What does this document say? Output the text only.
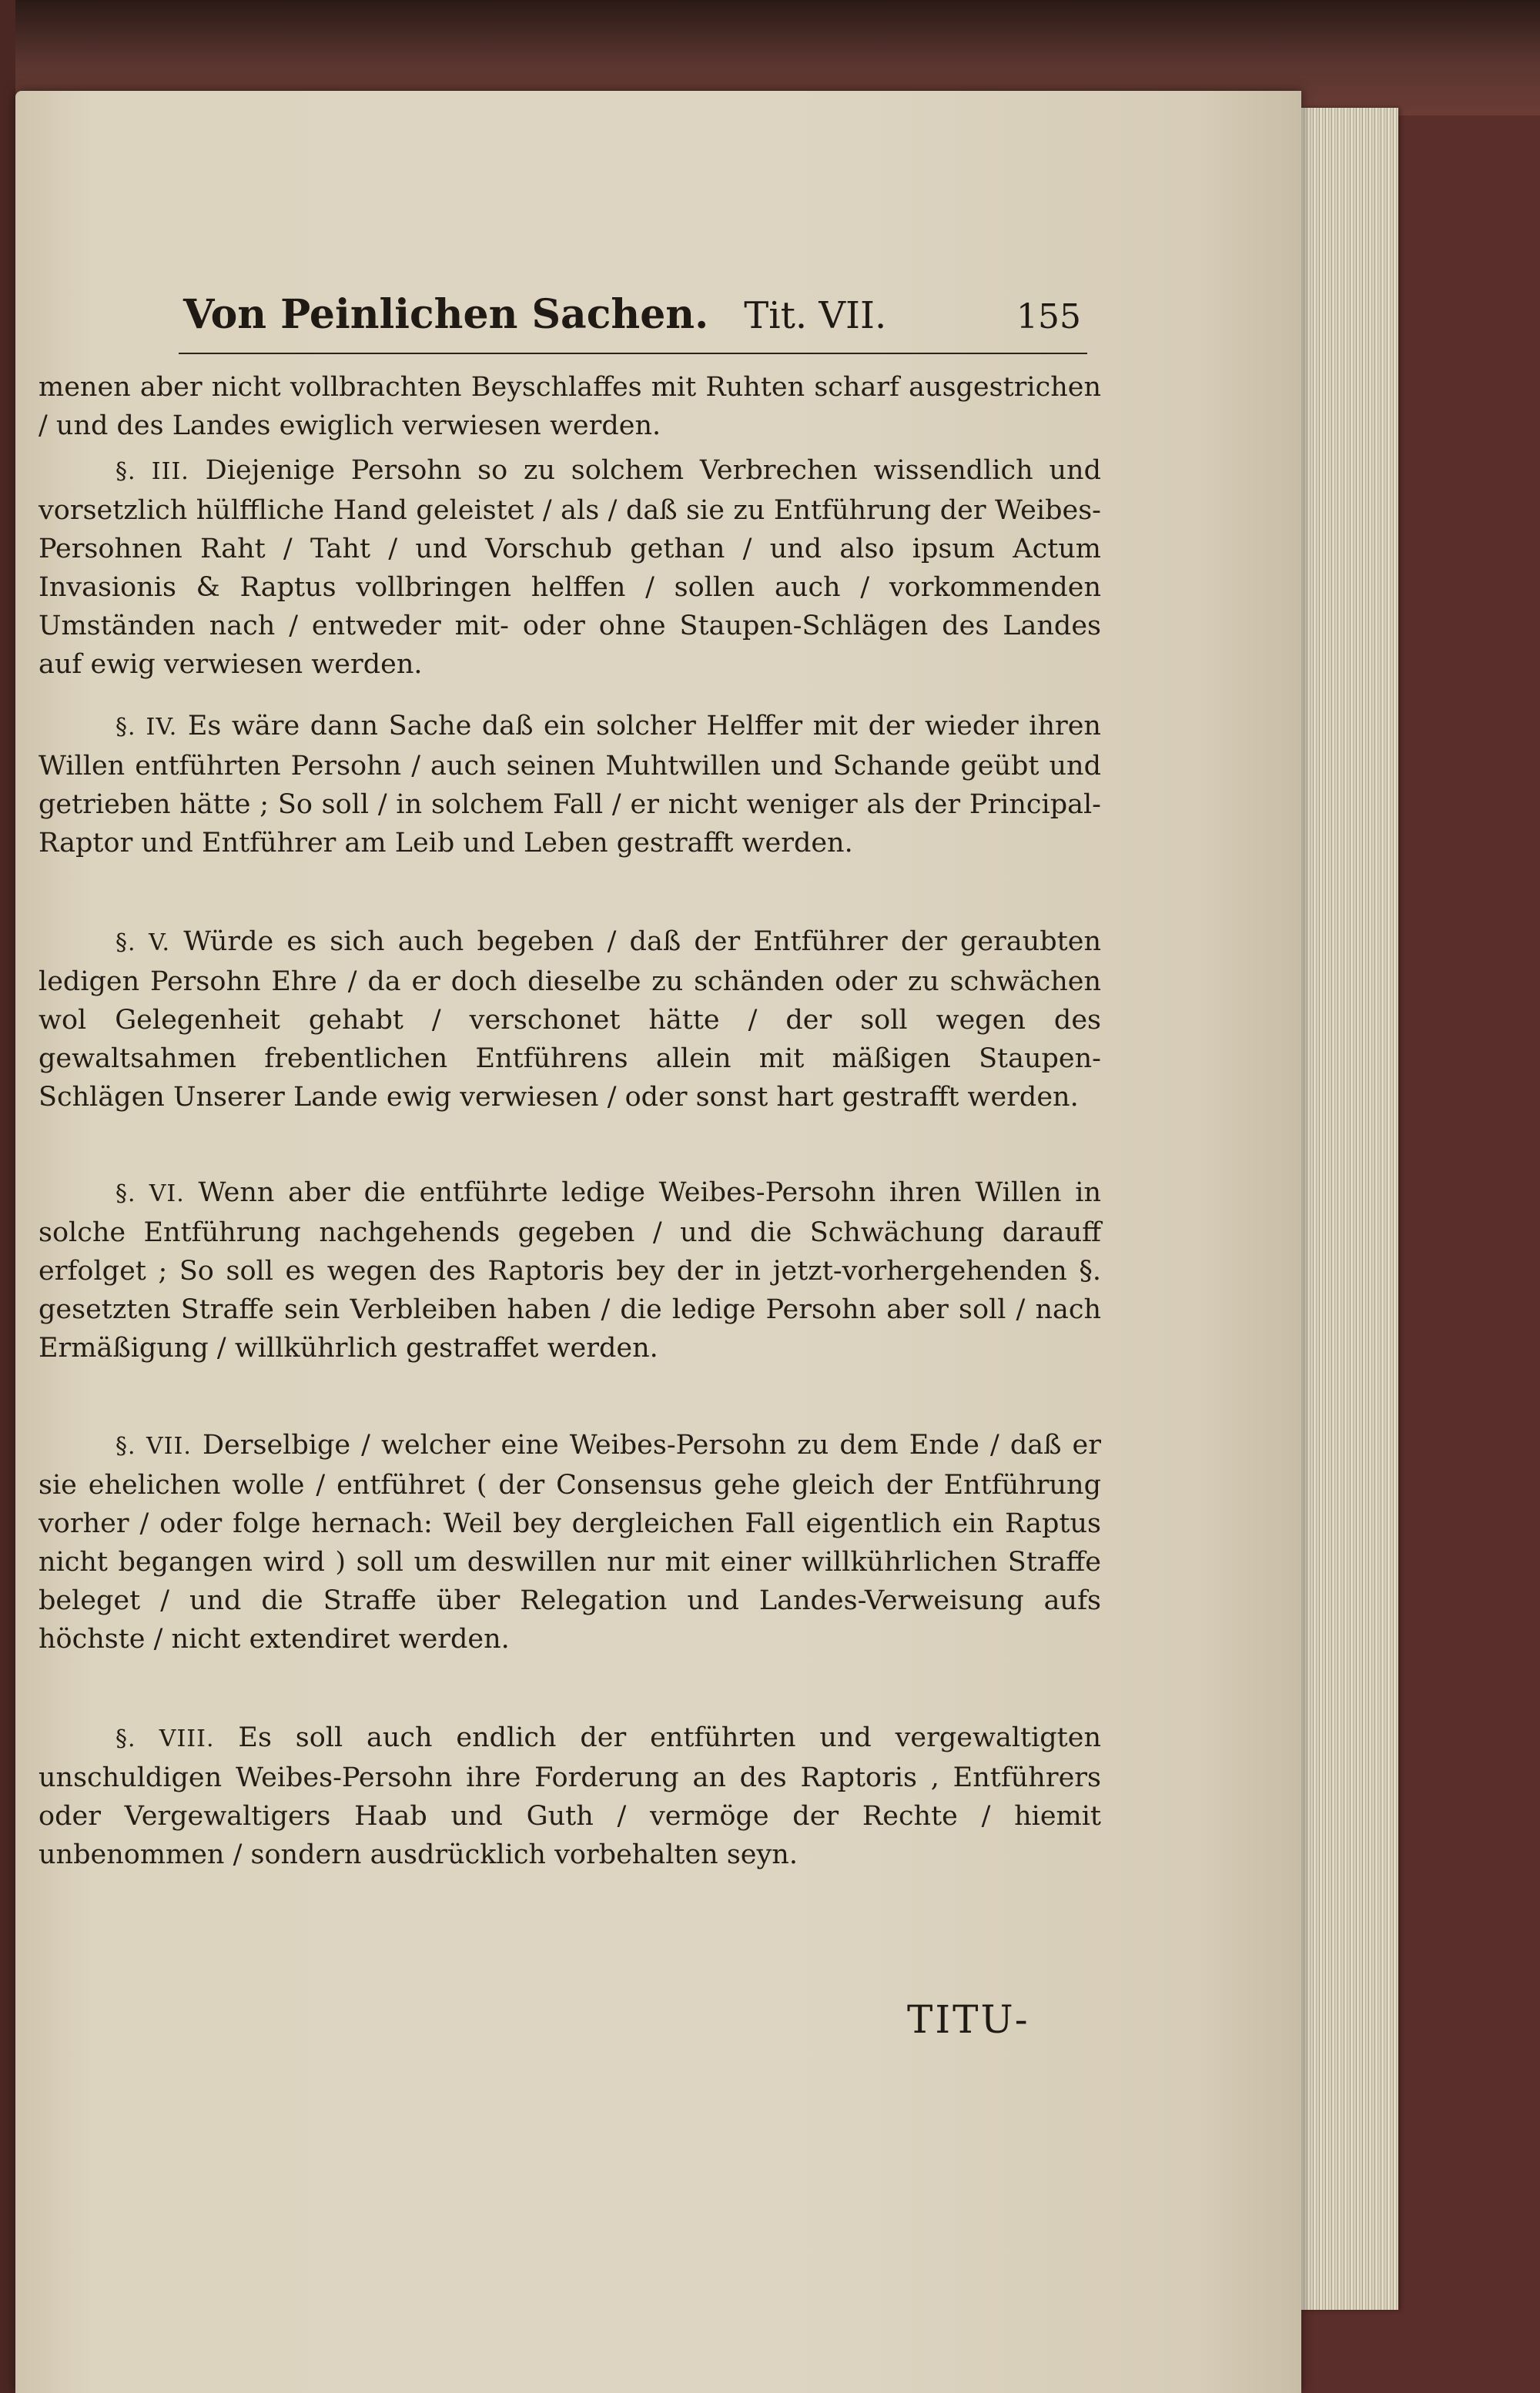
Von Peinlichen Sachen. Tit. VII.	155
menen aber nicht vollbrachten Beyschlaffes mit Ruhten scharf ausgestrichen / und des Landes ewiglich verwiesen werden.
§. III. Diejenige Persohn so zu solchem Verbrechen wissendlich und vorsetzlich hülffliche Hand geleistet / als / daß sie zu Entführung der Weibes-Persohnen Raht / Taht / und Vorschub gethan / und also ipsum Actum Invasionis & Raptus vollbringen helffen / sollen auch / vorkommenden Umständen nach / entweder mit- oder ohne Staupen-Schlägen des Landes auf ewig verwiesen werden.
§. IV. Es wäre dann Sache daß ein solcher Helffer mit der wieder ihren Willen entführten Persohn / auch seinen Muhtwillen und Schande geübt und getrieben hätte ; So soll / in solchem Fall / er nicht weniger als der Principal-Raptor und Entführer am Leib und Leben gestrafft werden.
§. V. Würde es sich auch begeben / daß der Entführer der geraubten ledigen Persohn Ehre / da er doch dieselbe zu schänden oder zu schwächen wol Gelegenheit gehabt / verschonet hätte / der soll wegen des gewaltsahmen frebentlichen Entführens allein mit mäßigen Staupen-Schlägen Unserer Lande ewig verwiesen / oder sonst hart gestrafft werden.
§. VI. Wenn aber die entführte ledige Weibes-Persohn ihren Willen in solche Entführung nachgehends gegeben / und die Schwächung darauff erfolget ; So soll es wegen des Raptoris bey der in jetzt-vorhergehenden §. gesetzten Straffe sein Verbleiben haben / die ledige Persohn aber soll / nach Ermäßigung / willkührlich gestraffet werden.
§. VII. Derselbige / welcher eine Weibes-Persohn zu dem Ende / daß er sie ehelichen wolle / entführet ( der Consensus gehe gleich der Entführung vorher / oder folge hernach: Weil bey dergleichen Fall eigentlich ein Raptus nicht begangen wird ) soll um deswillen nur mit einer willkührlichen Straffe beleget / und die Straffe über Relegation und Landes-Verweisung aufs höchste / nicht extendiret werden.
§. VIII. Es soll auch endlich der entführten und vergewaltigten unschuldigen Weibes-Persohn ihre Forderung an des Raptoris , Entführers oder Vergewaltigers Haab und Guth / vermöge der Rechte / hiemit unbenommen / sondern ausdrücklich vorbehalten seyn.
TITU-
